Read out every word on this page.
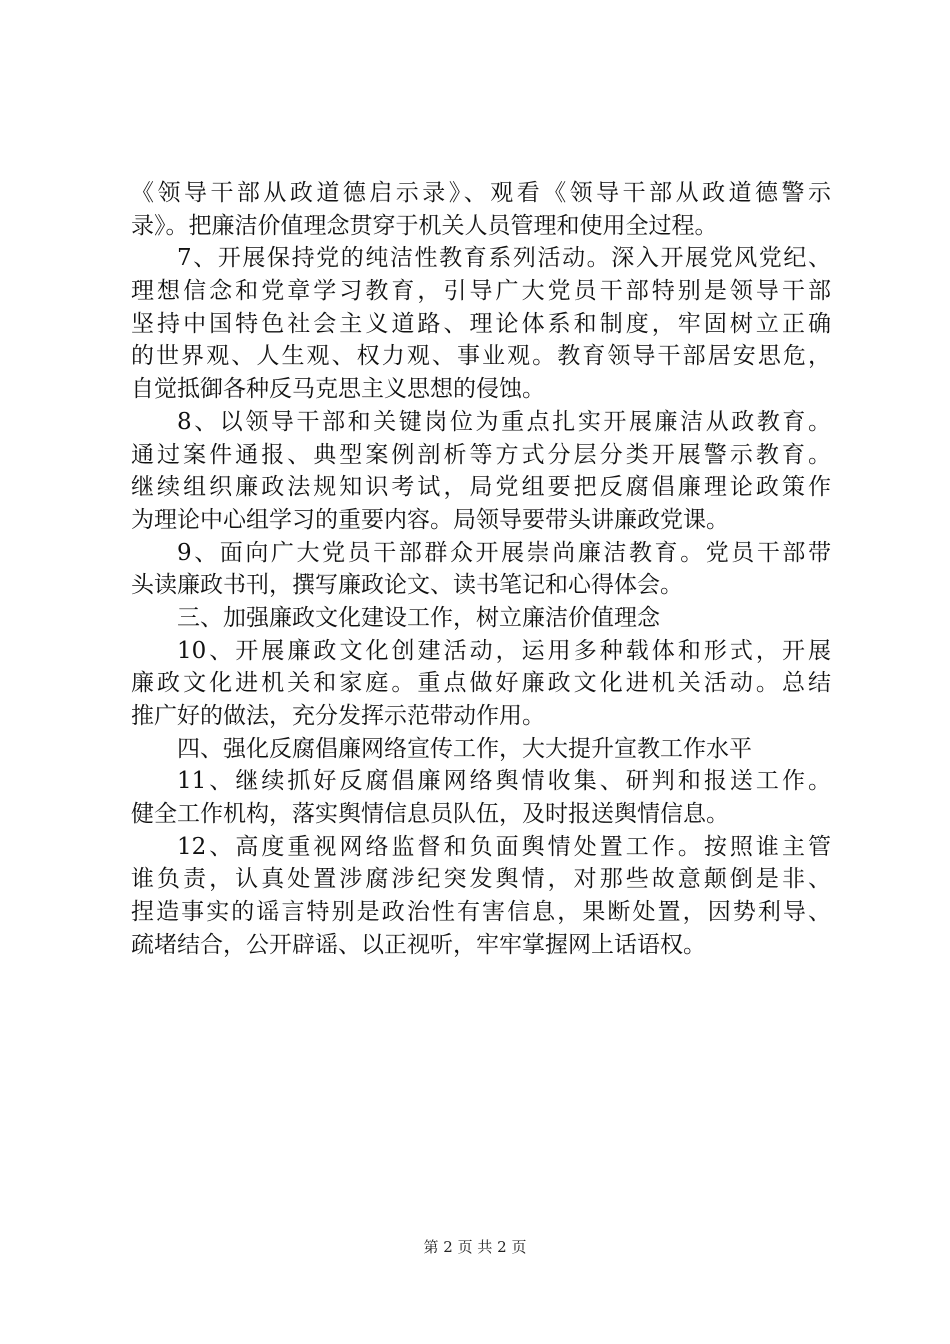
《领导干部从政道德启示录》、观看《领导干部从政道德警示
录》。把廉洁价值理念贯穿于机关人员管理和使用全过程。
7、开展保持党的纯洁性教育系列活动。深入开展党风党纪、
理想信念和党章学习教育，引导广大党员干部特别是领导干部
坚持中国特色社会主义道路、理论体系和制度，牢固树立正确
的世界观、人生观、权力观、事业观。教育领导干部居安思危，
自觉抵御各种反马克思主义思想的侵蚀。
8、以领导干部和关键岗位为重点扎实开展廉洁从政教育。
通过案件通报、典型案例剖析等方式分层分类开展警示教育。
继续组织廉政法规知识考试，局党组要把反腐倡廉理论政策作
为理论中心组学习的重要内容。局领导要带头讲廉政党课。
9、面向广大党员干部群众开展崇尚廉洁教育。党员干部带
头读廉政书刊，撰写廉政论文、读书笔记和心得体会。
三、加强廉政文化建设工作，树立廉洁价值理念
10、开展廉政文化创建活动，运用多种载体和形式，开展
廉政文化进机关和家庭。重点做好廉政文化进机关活动。总结
推广好的做法，充分发挥示范带动作用。
四、强化反腐倡廉网络宣传工作，大大提升宣教工作水平
11、继续抓好反腐倡廉网络舆情收集、研判和报送工作。
健全工作机构，落实舆情信息员队伍，及时报送舆情信息。
12、高度重视网络监督和负面舆情处置工作。按照谁主管
谁负责，认真处置涉腐涉纪突发舆情，对那些故意颠倒是非、
捏造事实的谣言特别是政治性有害信息，果断处置，因势利导、
疏堵结合，公开辟谣、以正视听，牢牢掌握网上话语权。
第 2 页 共 2 页
